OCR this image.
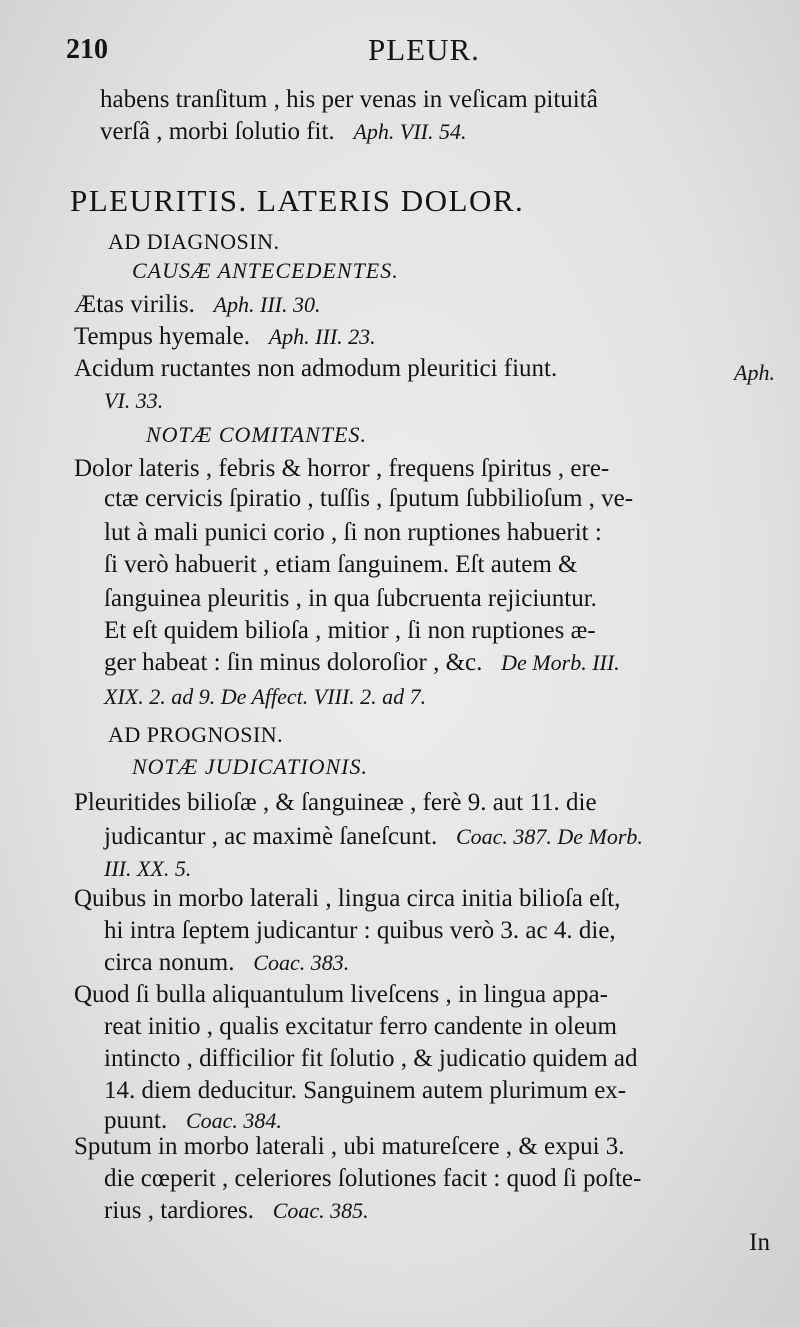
210	PLEUR.
habens tranſitum , his per venas in veſicam pituitâ
verſâ , morbi ſolutio fit. Aph. VII. 54.
PLEURITIS. LATERIS DOLOR.
AD DIAGNOSIN.
CAUSÆ ANTECEDENTES.
Ætas virilis. Aph. III. 30.
Tempus hyemale. Aph. III. 23.
Acidum ructantes non admodum pleuritici fiunt.	Aph.
VI. 33.
NOTÆ COMITANTES.
Dolor lateris , febris & horror , frequens ſpiritus , ere-
ctæ cervicis ſpiratio , tuſſis , ſputum ſubbilioſum , ve-
lut à mali punici corio , ſi non ruptiones habuerit :
ſi verò habuerit , etiam ſanguinem. Eſt autem &
ſanguinea pleuritis , in qua ſubcruenta rejiciuntur.
Et eſt quidem bilioſa , mitior , ſi non ruptiones æ-
ger habeat : ſin minus doloroſior , &c. De Morb. III.
XIX. 2. ad 9. De Affect. VIII. 2. ad 7.
AD PROGNOSIN.
NOTÆ JUDICATIONIS.
Pleuritides bilioſæ , & ſanguineæ , ferè 9. aut 11. die
judicantur , ac maximè ſaneſcunt. Coac. 387. De Morb.
III. XX. 5.
Quibus in morbo laterali , lingua circa initia bilioſa eſt,
hi intra ſeptem judicantur : quibus verò 3. ac 4. die,
circa nonum. Coac. 383.
Quod ſi bulla aliquantulum liveſcens , in lingua appa-
reat initio , qualis excitatur ferro candente in oleum
intincto , difficilior fit ſolutio , & judicatio quidem ad
14. diem deducitur. Sanguinem autem plurimum ex-
puunt. Coac. 384.
Sputum in morbo laterali , ubi matureſcere , & expui 3.
die cœperit , celeriores ſolutiones facit : quod ſi poſte-
rius , tardiores. Coac. 385.
In
